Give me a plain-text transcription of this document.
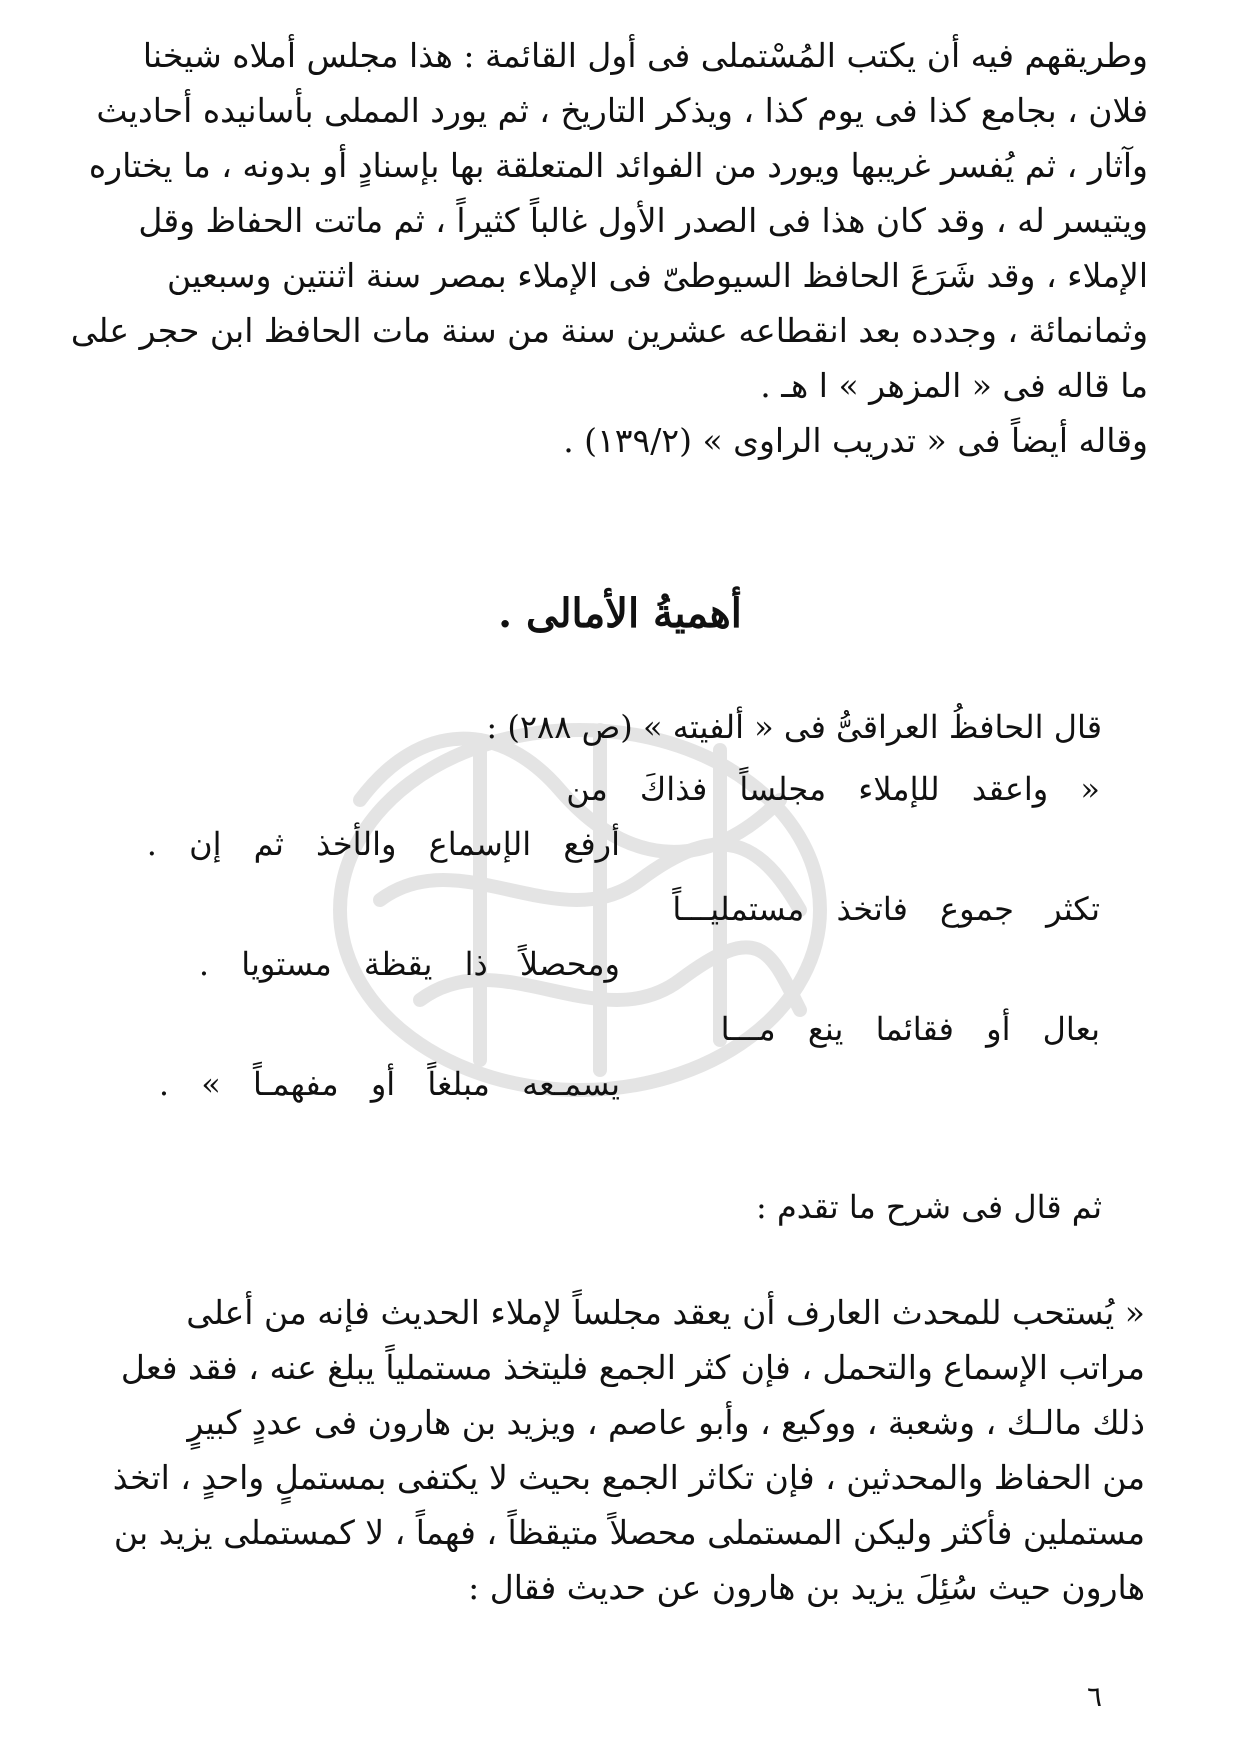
وطريقهم فيه أن يكتب المُسْتملى فى أول القائمة : هذا مجلس أملاه شيخنا
فلان ، بجامع كذا فى يوم كذا ، ويذكر التاريخ ، ثم يورد المملى بأسانيده أحاديث
وآثار ، ثم يُفسر غريبها ويورد من الفوائد المتعلقة بها بإسنادٍ أو بدونه ، ما يختاره
ويتيسر له ، وقد كان هذا فى الصدر الأول غالباً كثيراً ، ثم ماتت الحفاظ وقل
الإملاء ، وقد شَرَعَ الحافظ السيوطىّ فى الإملاء بمصر سنة اثنتين وسبعين
وثمانمائة ، وجدده بعد انقطاعه عشرين سنة من سنة مات الحافظ ابن حجر على
ما قاله فى « المزهر » ا هـ .
وقاله أيضاً فى « تدريب الراوى » (١٣٩/٢) .
أهميةُ الأمالى .

قال الحافظُ العراقىُّ فى « ألفيته » (ص ٢٨٨) :

« واعقد للإملاء مجلساً فذاكَ من

أرفع الإسماع والأخذ ثم إن .

تكثر جموع فاتخذ مستمليـــاً

ومحصلاً ذا يقظة مستويا .

بعال أو فقائما ينع مـــا

يسمـعه مبلغاً أو مفهمـاً » .

ثم قال فى شرح ما تقدم :

« يُستحب للمحدث العارف أن يعقد مجلساً لإملاء الحديث فإنه من أعلى
مراتب الإسماع والتحمل ، فإن كثر الجمع فليتخذ مستملياً يبلغ عنه ، فقد فعل
ذلك مالـك ، وشعبة ، ووكيع ، وأبو عاصم ، ويزيد بن هارون فى عددٍ كبيرٍ
من الحفاظ والمحدثين ، فإن تكاثر الجمع بحيث لا يكتفى بمستملٍ واحدٍ ، اتخذ
مستملين فأكثر وليكن المستملى محصلاً متيقظاً ، فهماً ، لا كمستملى يزيد بن
هارون حيث سُئِلَ يزيد بن هارون عن حديث فقال :

٦
